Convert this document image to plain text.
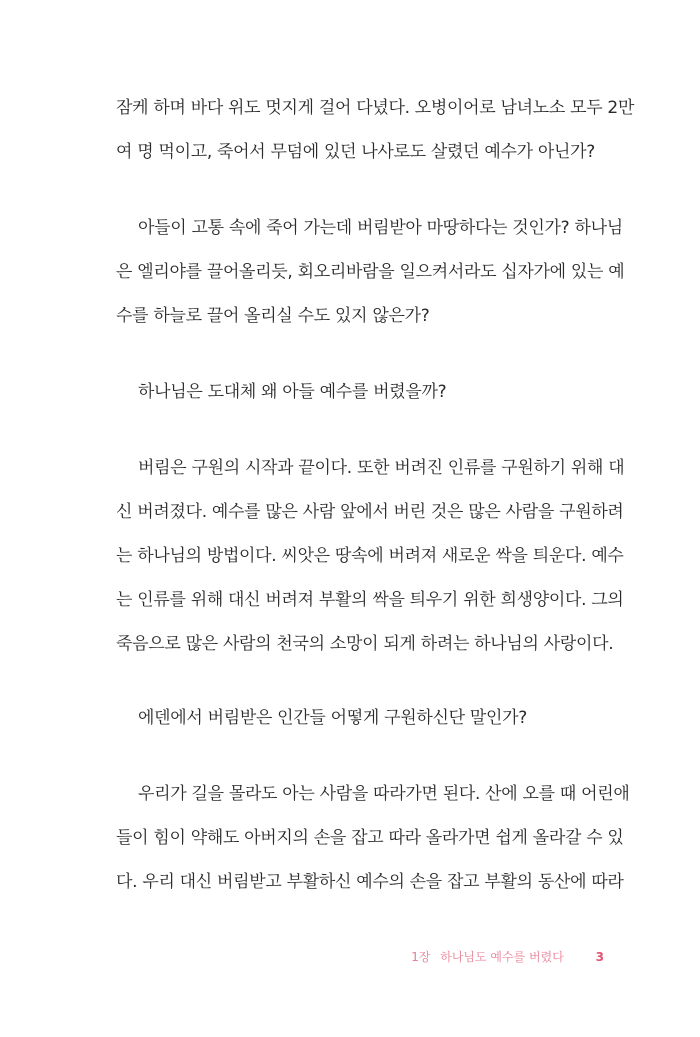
잠케 하며 바다 위도 멋지게 걸어 다녔다. 오병이어로 남녀노소 모두 2만
여 명 먹이고, 죽어서 무덤에 있던 나사로도 살렸던 예수가 아닌가?
아들이 고통 속에 죽어 가는데 버림받아 마땅하다는 것인가? 하나님
은 엘리야를 끌어올리듯, 회오리바람을 일으켜서라도 십자가에 있는 예
수를 하늘로 끌어 올리실 수도 있지 않은가?
하나님은 도대체 왜 아들 예수를 버렸을까?
버림은 구원의 시작과 끝이다. 또한 버려진 인류를 구원하기 위해 대
신 버려졌다. 예수를 많은 사람 앞에서 버린 것은 많은 사람을 구원하려
는 하나님의 방법이다. 씨앗은 땅속에 버려져 새로운 싹을 틔운다. 예수
는 인류를 위해 대신 버려져 부활의 싹을 틔우기 위한 희생양이다. 그의
죽음으로 많은 사람의 천국의 소망이 되게 하려는 하나님의 사랑이다.
에덴에서 버림받은 인간들 어떻게 구원하신단 말인가?
우리가 길을 몰라도 아는 사람을 따라가면 된다. 산에 오를 때 어린애
들이 힘이 약해도 아버지의 손을 잡고 따라 올라가면 쉽게 올라갈 수 있
다. 우리 대신 버림받고 부활하신 예수의 손을 잡고 부활의 동산에 따라
1장 하나님도 예수를 버렸다	3
